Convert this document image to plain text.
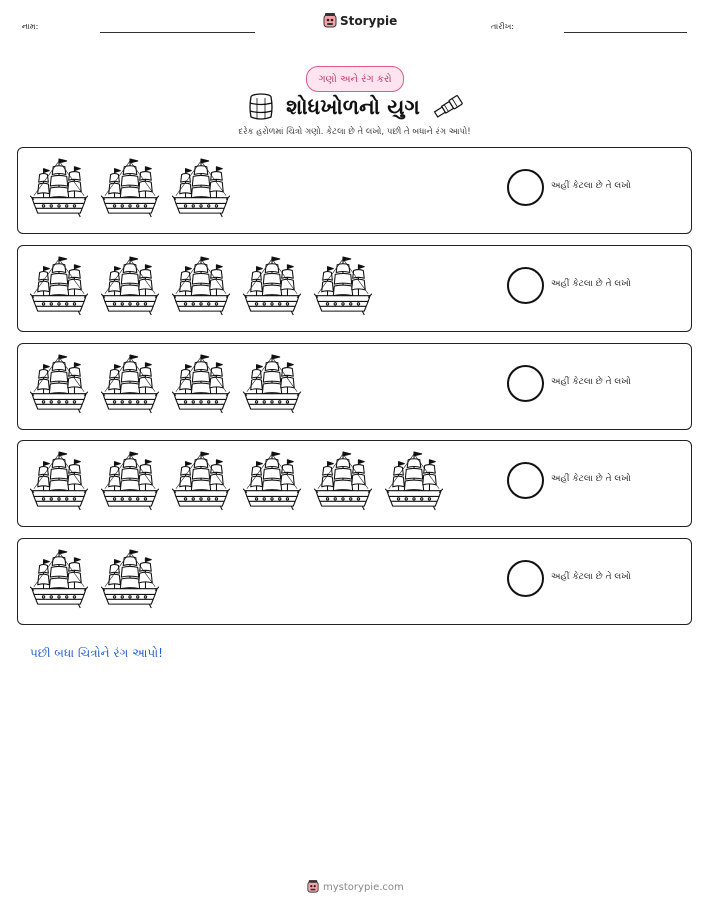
નામ:	Storypie	તારીખ:
ગણો અને રંગ કરો
શોધખોળનો યુગ
દરેક હરોળમાં ચિત્રો ગણો. કેટલા છે તે લખો, પછી તે બધાને રંગ આપો!
અહીં કેટલા છે તે લખો
અહીં કેટલા છે તે લખો
અહીં કેટલા છે તે લખો
અહીં કેટલા છે તે લખો
અહીં કેટલા છે તે લખો
પછી બધા ચિત્રોને રંગ આપો!
mystorypie.com
